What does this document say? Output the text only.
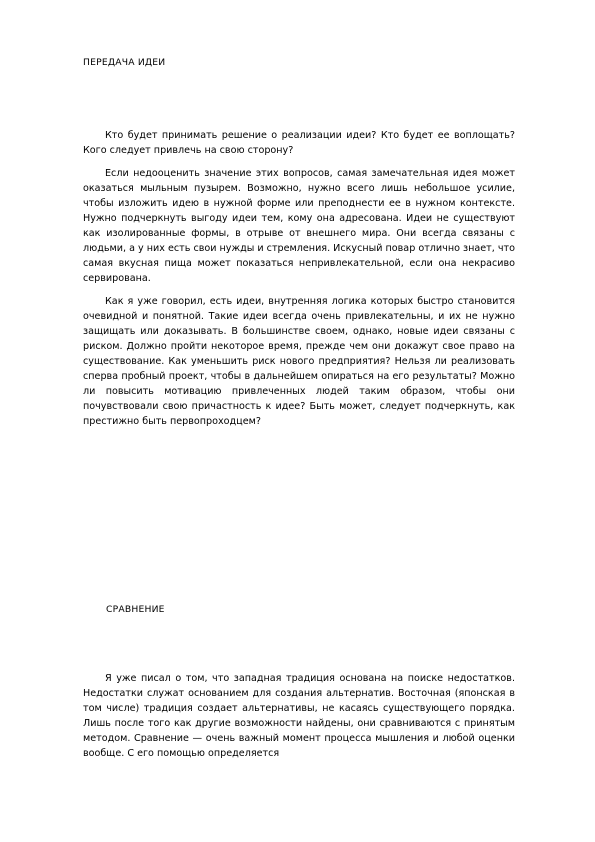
ПЕРЕДАЧА ИДЕИ

Кто будет принимать решение о реализации идеи? Кто будет ее воплощать? Кого следует привлечь на свою сторону?

Если недооценить значение этих вопросов, самая замечательная идея может оказаться мыльным пузырем. Возможно, нужно всего лишь небольшое усилие, чтобы изложить идею в нужной форме или преподнести ее в нужном контексте. Нужно подчеркнуть выгоду идеи тем, кому она адресована. Идеи не существуют как изолированные формы, в отрыве от внешнего мира. Они всегда связаны с людьми, а у них есть свои нужды и стремления. Искусный повар отлично знает, что самая вкусная пища может показаться непривлекательной, если она некрасиво сервирована.

Как я уже говорил, есть идеи, внутренняя логика которых быстро становится очевидной и понятной. Такие идеи всегда очень привлекательны, и их не нужно защищать или доказывать. В большинстве своем, однако, новые идеи связаны с риском. Должно пройти некоторое время, прежде чем они докажут свое право на существование. Как уменьшить риск нового предприятия? Нельзя ли реализовать сперва пробный проект, чтобы в дальнейшем опираться на его результаты? Можно ли повысить мотивацию привлеченных людей таким образом, чтобы они почувствовали свою причастность к идее? Быть может, следует подчеркнуть, как престижно быть первопроходцем?

СРАВНЕНИЕ

Я уже писал о том, что западная традиция основана на поиске недостатков. Недостатки служат основанием для создания альтернатив. Восточная (японская в том числе) традиция создает альтернативы, не касаясь существующего порядка. Лишь после того как другие возможности найдены, они сравниваются с принятым методом. Сравнение — очень важный момент процесса мышления и любой оценки вообще. С его помощью определяется
